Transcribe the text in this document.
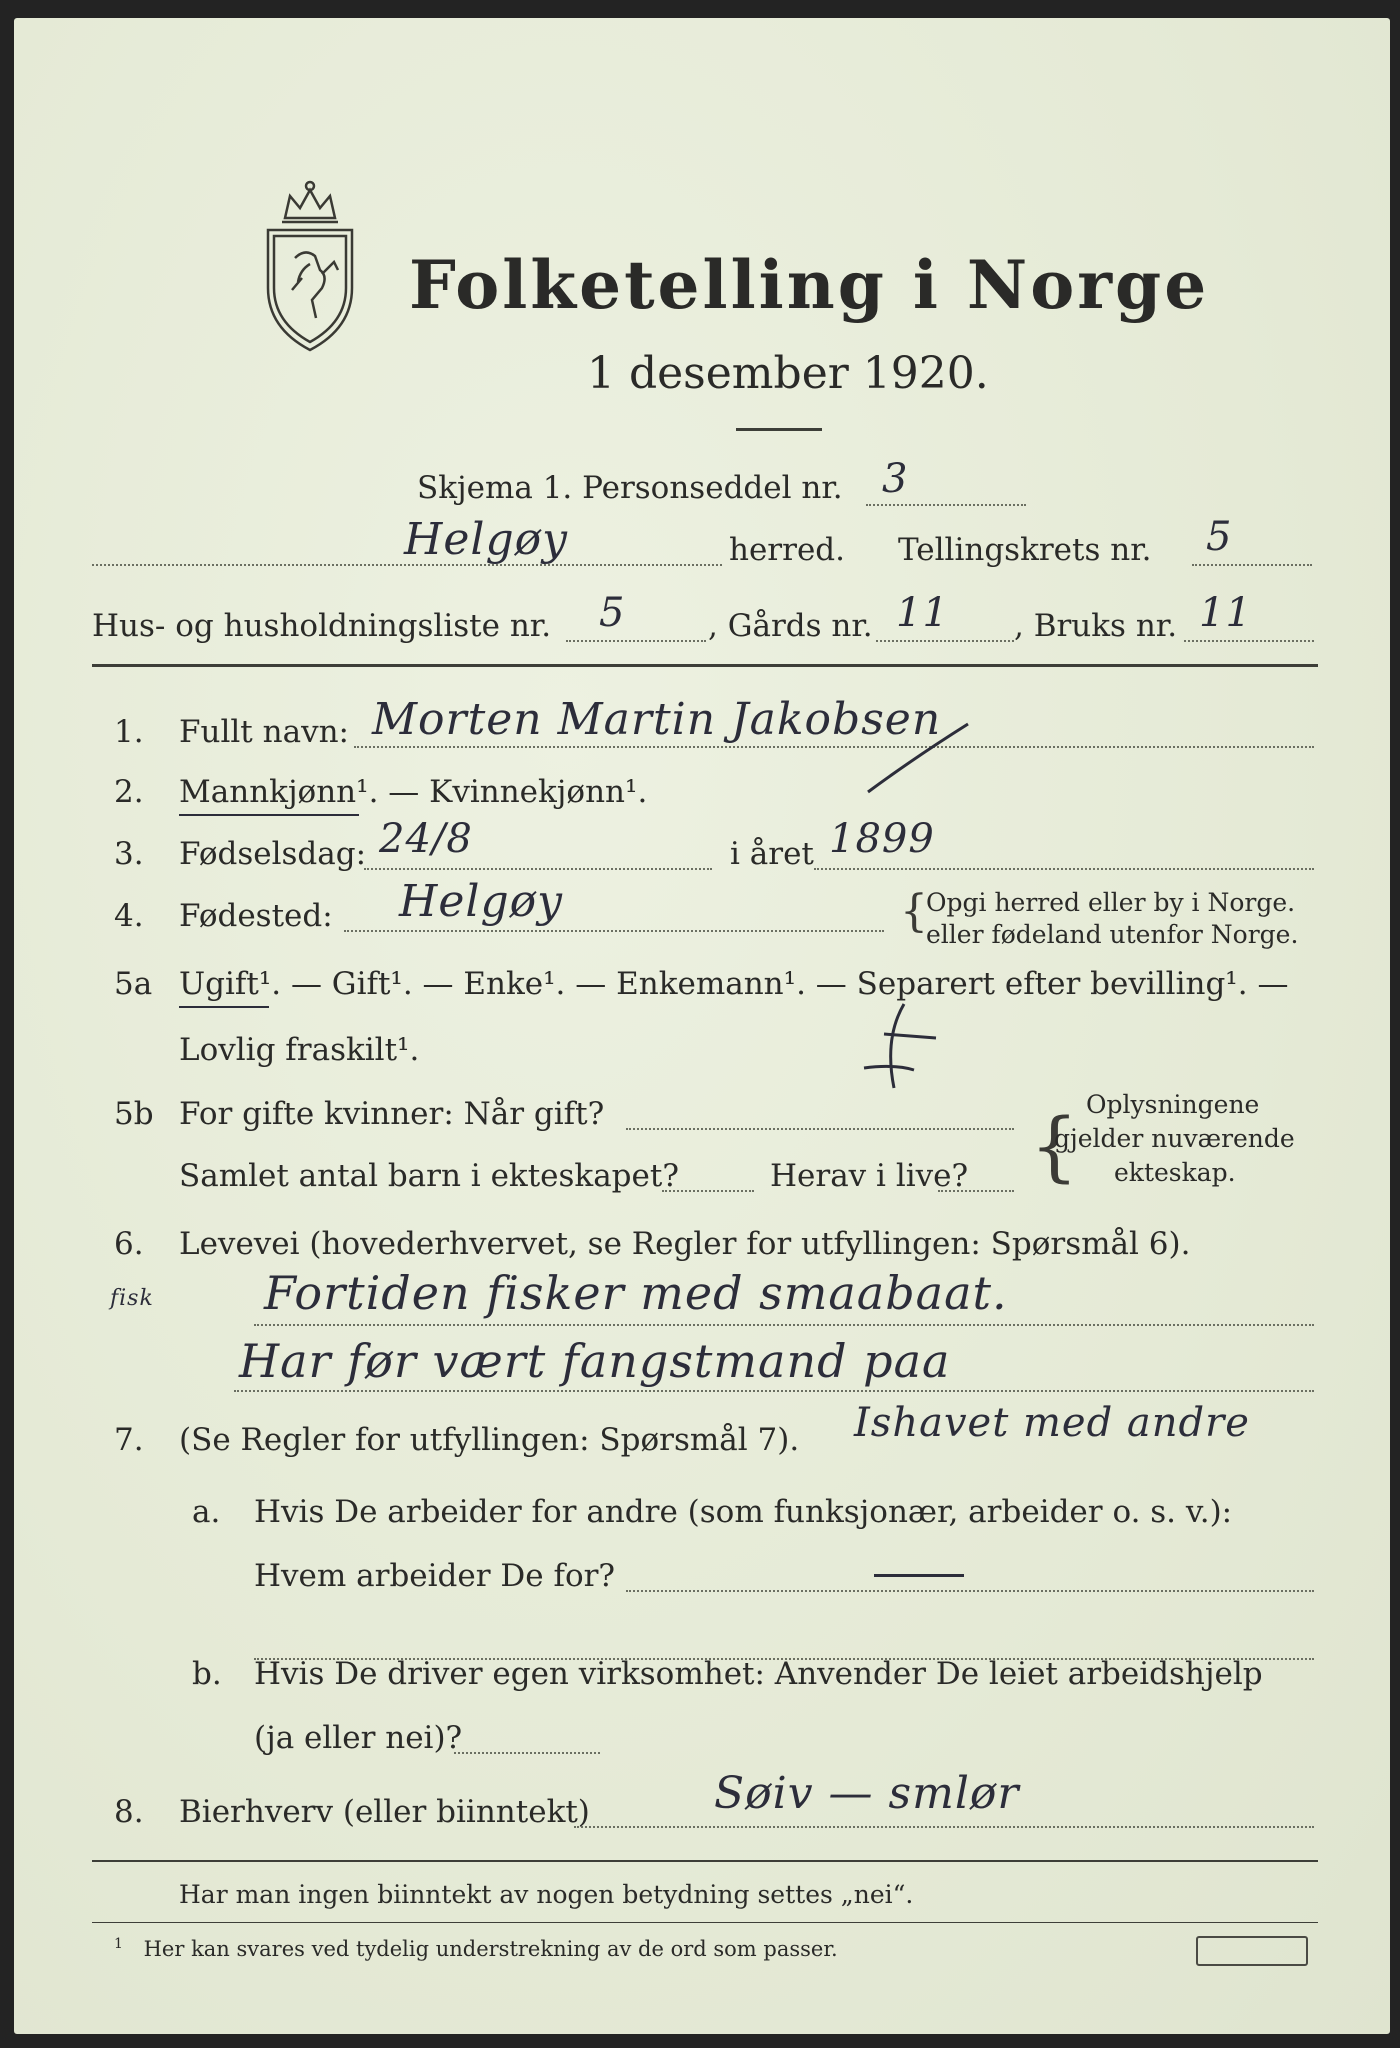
Folketelling i Norge
1 desember 1920.
Skjema 1. Personseddel nr. 3
Helgøy	herred. Tellingskrets nr. 5
Hus- og husholdningsliste nr. 5	, Gårds nr. 11 , Bruks nr. 11
1. Fullt navn: Morten Martin Jakobsen
2. Mannkjønn¹. — Kvinnekjønn¹.
3. Fødselsdag: 24/8	i året 1899
4. Fødested: Helgøy	{
Opgi herred eller by i Norge.
eller fødeland utenfor Norge.
5a Ugift¹. — Gift¹. — Enke¹. — Enkemann¹. — Separert efter bevilling¹. —
Lovlig fraskilt¹.
5b For gifte kvinner: Når gift?
Samlet antal barn i ekteskapet?	Herav i live? { Oplysningene
gjelder nuværende
ekteskap.
6. Levevei (hovederhvervet, se Regler for utfyllingen: Spørsmål 6).
fisk Fortiden fisker med smaabaat.
Har før vært fangstmand paa
7. (Se Regler for utfyllingen: Spørsmål 7). Ishavet med andre
a. Hvis De arbeider for andre (som funksjonær, arbeider o. s. v.):
Hvem arbeider De for?
b. Hvis De driver egen virksomhet: Anvender De leiet arbeidshjelp
(ja eller nei)?
8. Bierhverv (eller biinntekt)	Søiv — smlør
Har man ingen biinntekt av nogen betydning settes „nei“.
$^1$ Her kan svares ved tydelig understrekning av de ord som passer.
